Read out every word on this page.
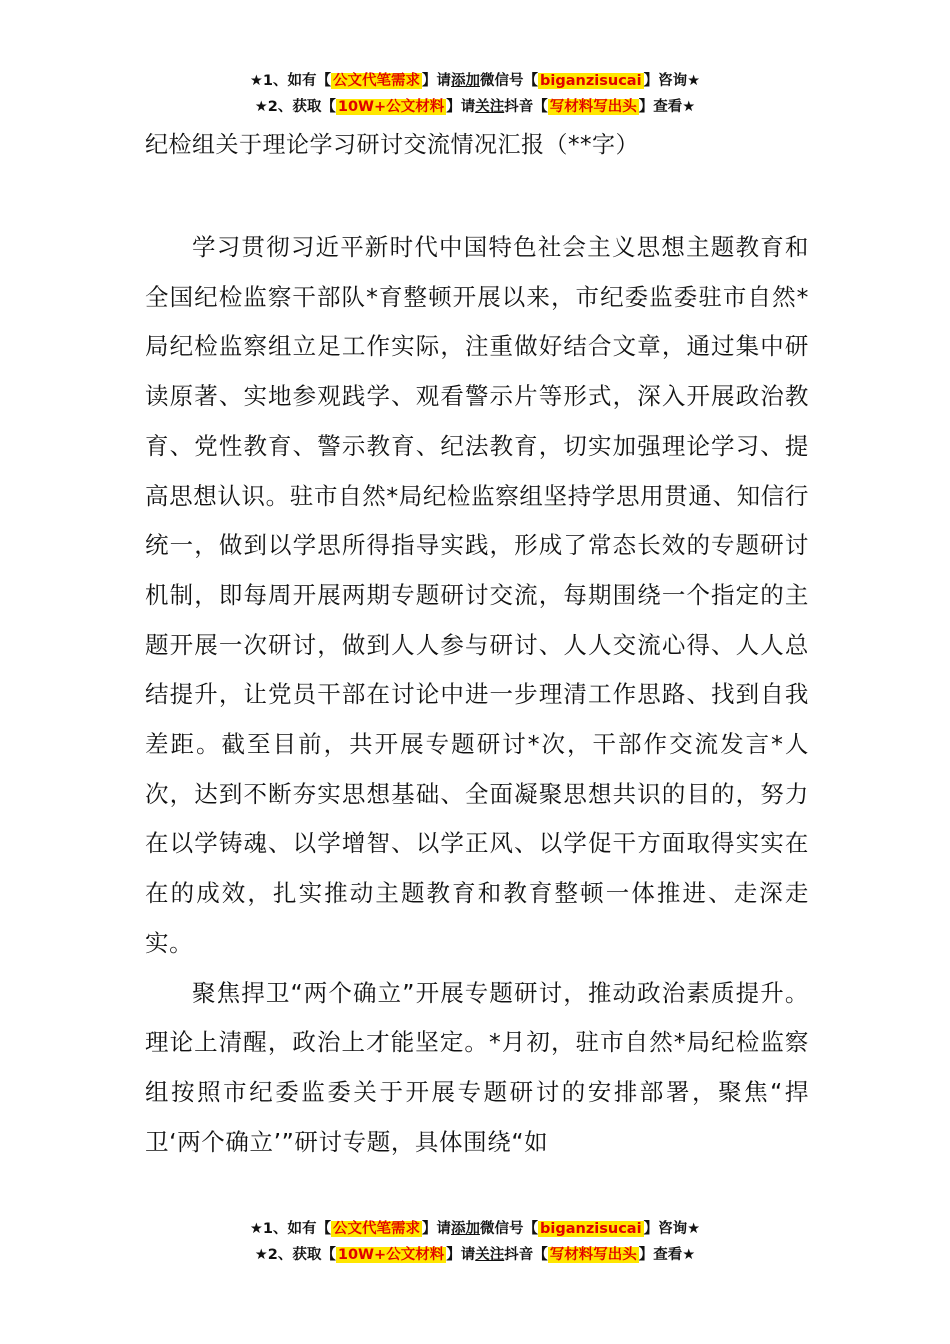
★1、如有【 公文代笔需求 】请添加微信号【 biganzisucai 】咨询★
★2、获取【 10W+公文材料 】请关注抖音【 写材料写出头 】查看★
纪检组关于理论学习研讨交流情况汇报（**字）

学习贯彻习近平新时代中国特色社会主义思想主题教育和全国纪检监察干部队*育整顿开展以来，市纪委监委驻市自然*局纪检监察组立足工作实际，注重做好结合文章，通过集中研读原著、实地参观践学、观看警示片等形式，深入开展政治教育、党性教育、警示教育、纪法教育，切实加强理论学习、提高思想认识。驻市自然*局纪检监察组坚持学思用贯通、知信行统一，做到以学思所得指导实践，形成了常态长效的专题研讨机制，即每周开展两期专题研讨交流，每期围绕一个指定的主题开展一次研讨，做到人人参与研讨、人人交流心得、人人总结提升，让党员干部在讨论中进一步理清工作思路、找到自我差距。截至目前，共开展专题研讨*次，干部作交流发言*人次，达到不断夯实思想基础、全面凝聚思想共识的目的，努力在以学铸魂、以学增智、以学正风、以学促干方面取得实实在在的成效，扎实推动主题教育和教育整顿一体推进、走深走实。

聚焦捍卫“两个确立”开展专题研讨，推动政治素质提升。理论上清醒，政治上才能坚定。*月初，驻市自然*局纪检监察组按照市纪委监委关于开展专题研讨的安排部署，聚焦“捍卫‘两个确立’”研讨专题，具体围绕“如

★1、如有【 公文代笔需求 】请添加微信号【 biganzisucai 】咨询★
★2、获取【 10W+公文材料 】请关注抖音【 写材料写出头 】查看★
